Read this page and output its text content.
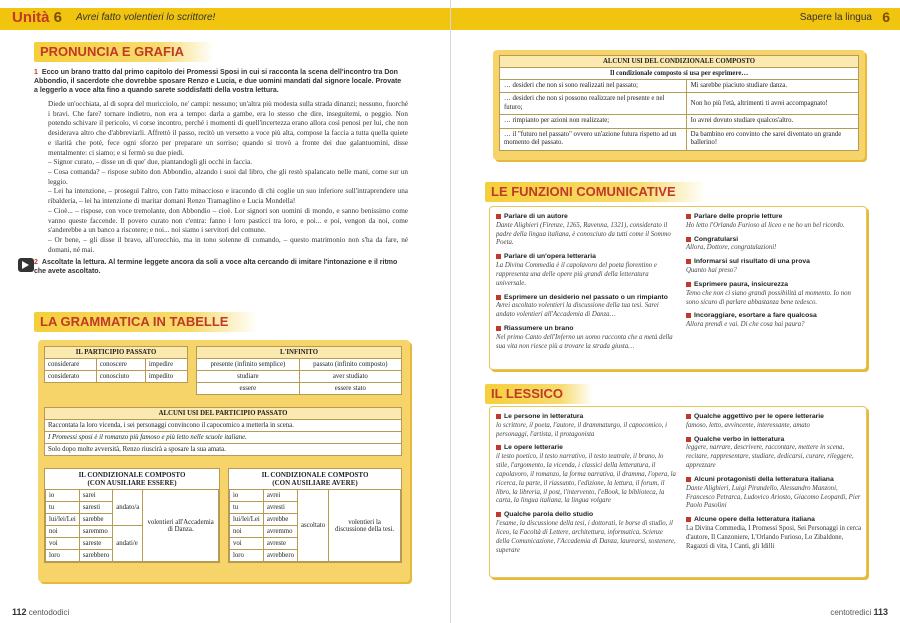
Unità 6 Avrei fatto volentieri lo scrittore!
PRONUNCIA E GRAFIA
1 Ecco un brano tratto dal primo capitolo dei Promessi Sposi in cui si racconta la scena dell'incontro tra Don Abbondio, il sacerdote che dovrebbe sposare Renzo e Lucia, e due uomini mandati dal signore locale. Provate a leggerlo a voce alta fino a quando sarete soddisfatti della vostra lettura.

Diede un'occhiata, al di sopra del muricciolo, ne' campi: nessuno; un'altra più modesta sulla strada dinanzi; nessuno, fuorché i bravi. Che fare? tornare indietro, non era a tempo: darla a gambe, era lo stesso che dire, inseguitemi, o peggio. Non potendo schivare il pericolo, vi corse incontro, perché i momenti di quell'incertezza erano allora così penosi per lui, che non desiderava altro che d'abbreviarli. Affrettò il passo, recitò un versetto a voce più alta, compose la faccia a tutta quella quiete e ilarità che poté, fece ogni sforzo per preparare un sorriso; quando si trovò a fronte dei due galantuomini, disse mentalmente: ci siamo; e si fermò su due piedi.

– Signor curato, – disse un di que' due, piantandogli gli occhi in faccia.

– Cosa comanda? – rispose subito don Abbondio, alzando i suoi dal libro, che gli restò spalancato nelle mani, come sur un leggio.

– Lei ha intenzione, – proseguì l'altro, con l'atto minaccioso e iracondo di chi coglie un suo inferiore sull'intraprendere una ribalderia, – lei ha intenzione di maritar domani Renzo Tramaglino e Lucia Mondella!

– Cioè... – rispose, con voce tremolante, don Abbondio – cioè. Lor signori son uomini di mondo, e sanno benissimo come vanno queste faccende. Il povero curato non c'entra: fanno i loro pasticci tra loro, e poi... e poi, vengon da noi, come s'anderebbe a un banco a riscotere; e noi... noi siamo i servitori del comune.

– Or bene, – gli disse il bravo, all'orecchio, ma in tono solenne di comando, – questo matrimonio non s'ha da fare, né domani, né mai.

2 Ascoltate la lettura. Al termine leggete ancora da soli a voce alta cercando di imitare l'intonazione e il ritmo che avete ascoltato.
LA GRAMMATICA IN TABELLE
IL PARTICIPIO PASSATO		
considerare	conoscere	impedire
considerato	conosciuto	impedito
L'INFINITO	
presente (infinito semplice)	passato (infinito composto)
studiare	aver studiato
essere	essere stato
ALCUNI USI DEL PARTICIPIO PASSATO
Raccontata la loro vicenda, i sei personaggi convincono il capocomico a metterla in scena.
I Promessi sposi è il romanzo più famoso e più letto nelle scuole italiane.
Solo dopo molte avversità, Renzo riuscirà a sposare la sua amata.
IL CONDIZIONALE COMPOSTO
(CON AUSILIARE ESSERE)
io	sarei	andato/a	volentieri all'Accademia di Danza.
tu	saresti		
lui/lei/Lei	sarebbe		
noi	saremmo	andati/e	
voi	sareste		
loro	sarebbero		
IL CONDIZIONALE COMPOSTO
(CON AUSILIARE AVERE)
io	avrei	ascoltato	volentieri la discussione della tesi.
tu	avresti		
lui/lei/Lei	avrebbe		
noi	avremmo		
voi	avreste		
loro	avrebbero		
112 centododici
Sapere la lingua 6
ALCUNI USI DEL CONDIZIONALE COMPOSTO	
Il condizionale composto si usa per esprimere…	
… desideri che non si sono realizzati nel passato;	Mi sarebbe piaciuto studiare danza.
… desideri che non si possono realizzare nel presente e nel futuro;	Non ho più l'età, altrimenti ti avrei accompagnato!
… rimpianto per azioni non realizzate;	Io avrei dovuto studiare qualcos'altro.
… il "futuro nel passato" ovvero un'azione futura rispetto ad un momento del passato.	Da bambino ero convinto che sarei diventato un grande ballerino!
LE FUNZIONI COMUNICATIVE
Parlare di un autore
Dante Alighieri (Firenze, 1265, Ravenna, 1321), considerato il padre della lingua italiana, è conosciuto da tutti come il Sommo Poeta.
Parlare di un'opera letteraria
La Divina Commedia è il capolavoro del poeta fiorentino e rappresenta una delle opere più grandi della letteratura universale.
Esprimere un desiderio nel passato o un rimpianto
Avrei ascoltato volentieri la discussione della tua tesi. Sarei andato volentieri all'Accademia di Danza…
Riassumere un brano
Nel primo Canto dell'Inferno un uomo racconta che a metà della sua vita non riesce più a trovare la strada giusta…
Parlare delle proprie letture
Ho letto l'Orlando Furioso al liceo e ne ho un bel ricordo.
Congratularsi
Allora, Dottore, congratulazioni!
Informarsi sul risultato di una prova
Quanto hai preso?
Esprimere paura, insicurezza
Temo che non ci siano grandi possibilità al momento. Io non sono sicuro di parlare abbastanza bene tedesco.
Incoraggiare, esortare a fare qualcosa
Allora prendi e vai. Di che cosa hai paura?
IL LESSICO
Le persone in letteratura
lo scrittore, il poeta, l'autore, il drammaturgo, il capocomico, i personaggi, l'artista, il protagonista
Le opere letterarie
il testo poetico, il testo narrativo, il testo teatrale, il brano, lo stile, l'argomento, la vicenda, i classici della letteratura, il capolavoro, il romanzo, la forma narrativa, il dramma, l'opera, la ricerca, la parte, il riassunto, l'edizione, la lettura, il forum, il libro, la libreria, il post, l'intervento, l'eBook, la biblioteca, la carta, la lingua italiana, la lingua volgare
Qualche parola dello studio
l'esame, la discussione della tesi, i dottorati, le borse di studio, il liceo, la Facoltà di Lettere, architettura, informatica, Scienze della Comunicazione, l'Accademia di Danza, laurearsi, sostenere, superare
Qualche aggettivo per le opere letterarie
famoso, letto, avvincente, interessante, amato
Qualche verbo in letteratura
leggere, narrare, descrivere, raccontare, mettere in scena, recitare, rappresentare, studiare, dedicarsi, curare, rileggere, apprezzare
Alcuni protagonisti della letteratura italiana
Dante Alighieri, Luigi Pirandello, Alessandro Manzoni, Francesco Petrarca, Ludovico Ariosto, Giacomo Leopardi, Pier Paolo Pasolini
Alcune opere della letteratura italiana
La Divina Commedia, I Promessi Sposi, Sei Personaggi in cerca d'autore, Il Canzoniere, L'Orlando Furioso, Lo Zibaldone, Ragazzi di vita, I Canti, gli Idilli
centotredici 113
